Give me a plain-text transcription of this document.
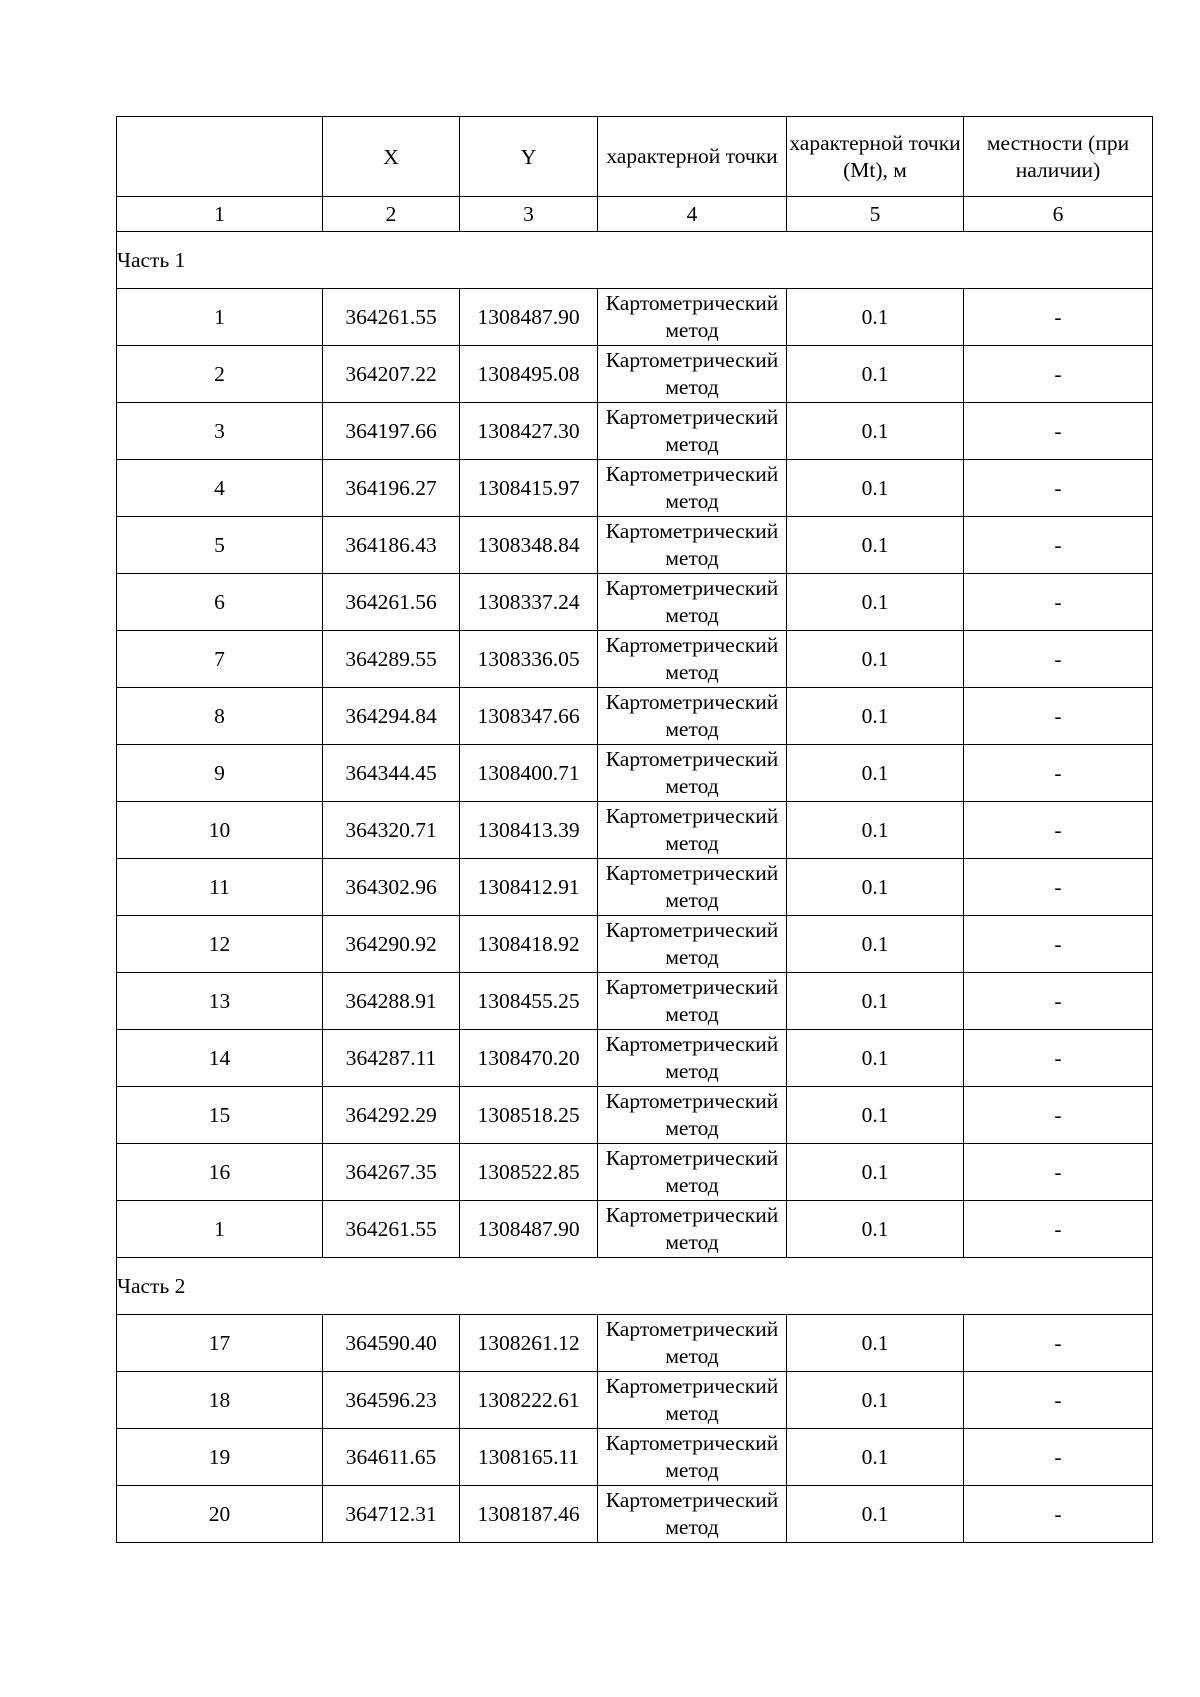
	X	Y	характерной точки	характерной точки (Mt), м	местности (при наличии)

1	2	3	4	5	6
Часть 1					
1	364261.55	1308487.90	Картометрический метод	0.1	-
2	364207.22	1308495.08	Картометрический метод	0.1	-
3	364197.66	1308427.30	Картометрический метод	0.1	-
4	364196.27	1308415.97	Картометрический метод	0.1	-
5	364186.43	1308348.84	Картометрический метод	0.1	-
6	364261.56	1308337.24	Картометрический метод	0.1	-
7	364289.55	1308336.05	Картометрический метод	0.1	-
8	364294.84	1308347.66	Картометрический метод	0.1	-
9	364344.45	1308400.71	Картометрический метод	0.1	-
10	364320.71	1308413.39	Картометрический метод	0.1	-
11	364302.96	1308412.91	Картометрический метод	0.1	-
12	364290.92	1308418.92	Картометрический метод	0.1	-
13	364288.91	1308455.25	Картометрический метод	0.1	-
14	364287.11	1308470.20	Картометрический метод	0.1	-
15	364292.29	1308518.25	Картометрический метод	0.1	-
16	364267.35	1308522.85	Картометрический метод	0.1	-
1	364261.55	1308487.90	Картометрический метод	0.1	-
Часть 2					
17	364590.40	1308261.12	Картометрический метод	0.1	-
18	364596.23	1308222.61	Картометрический метод	0.1	-
19	364611.65	1308165.11	Картометрический метод	0.1	-
20	364712.31	1308187.46	Картометрический метод	0.1	-
